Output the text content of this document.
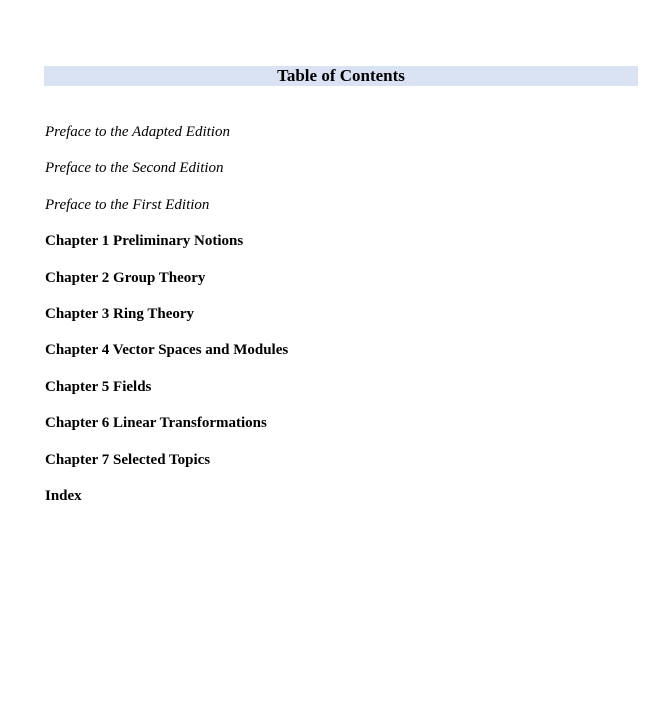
Table of Contents
Preface to the Adapted Edition
Preface to the Second Edition
Preface to the First Edition
Chapter 1 Preliminary Notions
Chapter 2 Group Theory
Chapter 3 Ring Theory
Chapter 4 Vector Spaces and Modules
Chapter 5 Fields
Chapter 6 Linear Transformations
Chapter 7 Selected Topics
Index
